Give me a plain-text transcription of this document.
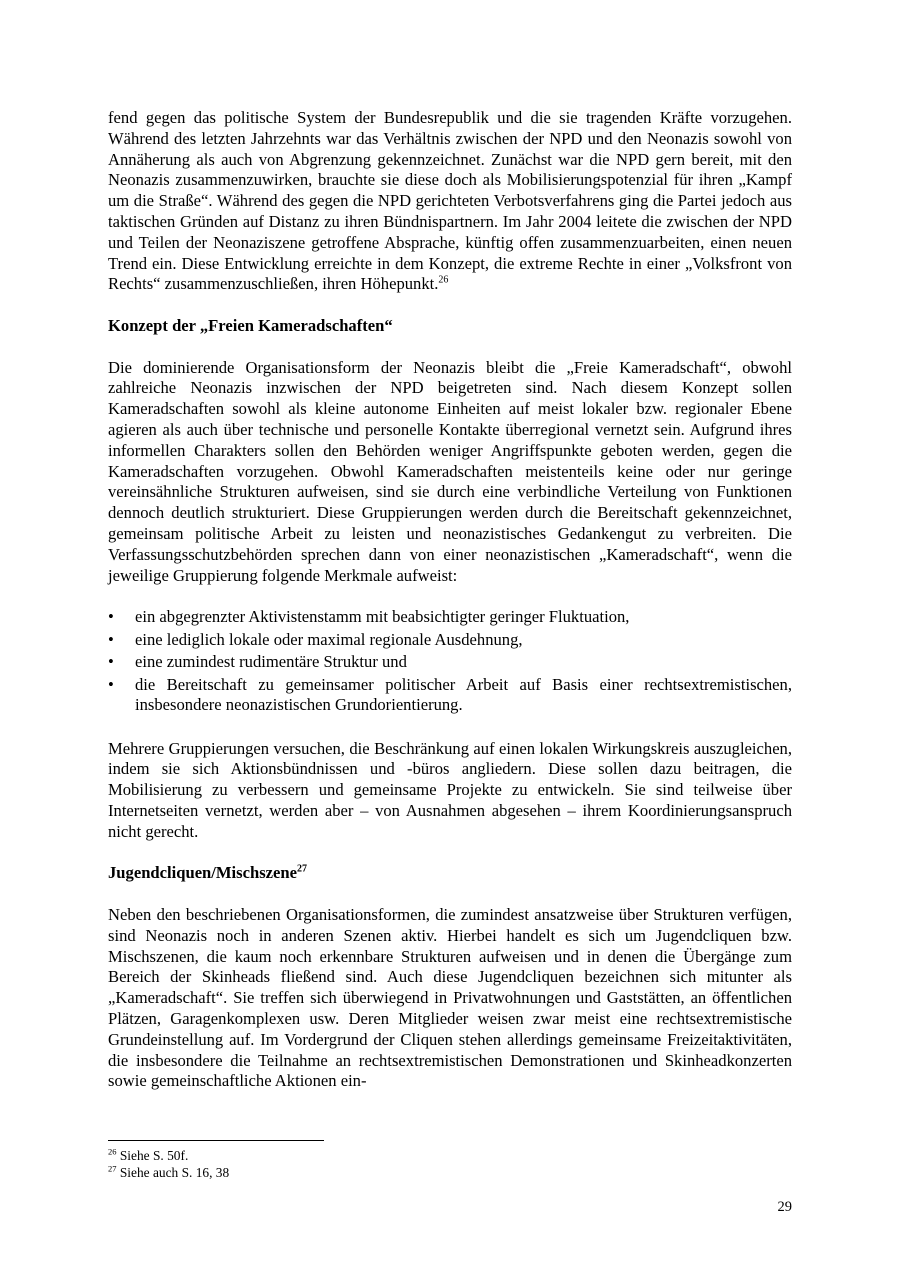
fend gegen das politische System der Bundesrepublik und die sie tragenden Kräfte vorzugehen. Während des letzten Jahrzehnts war das Verhältnis zwischen der NPD und den Neonazis sowohl von Annäherung als auch von Abgrenzung gekennzeichnet. Zunächst war die NPD gern bereit, mit den Neonazis zusammenzuwirken, brauchte sie diese doch als Mobilisierungspotenzial für ihren „Kampf um die Straße“. Während des gegen die NPD gerichteten Verbotsverfahrens ging die Partei jedoch aus taktischen Gründen auf Distanz zu ihren Bündnispartnern. Im Jahr 2004 leitete die zwischen der NPD und Teilen der Neonaziszene getroffene Absprache, künftig offen zusammenzuarbeiten, einen neuen Trend ein. Diese Entwicklung erreichte in dem Konzept, die extreme Rechte in einer „Volksfront von Rechts“ zusammenzuschließen, ihren Höhepunkt.$^{26}$

Konzept der „Freien Kameradschaften“

Die dominierende Organisationsform der Neonazis bleibt die „Freie Kameradschaft“, obwohl zahlreiche Neonazis inzwischen der NPD beigetreten sind. Nach diesem Konzept sollen Kameradschaften sowohl als kleine autonome Einheiten auf meist lokaler bzw. regionaler Ebene agieren als auch über technische und personelle Kontakte überregional vernetzt sein. Aufgrund ihres informellen Charakters sollen den Behörden weniger Angriffspunkte geboten werden, gegen die Kameradschaften vorzugehen. Obwohl Kameradschaften meistenteils keine oder nur geringe vereinsähnliche Strukturen aufweisen, sind sie durch eine verbindliche Verteilung von Funktionen dennoch deutlich strukturiert. Diese Gruppierungen werden durch die Bereitschaft gekennzeichnet, gemeinsam politische Arbeit zu leisten und neonazistisches Gedankengut zu verbreiten. Die Verfassungsschutzbehörden sprechen dann von einer neonazistischen „Kameradschaft“, wenn die jeweilige Gruppierung folgende Merkmale aufweist:

• ein abgegrenzter Aktivistenstamm mit beabsichtigter geringer Fluktuation,
• eine lediglich lokale oder maximal regionale Ausdehnung,
• eine zumindest rudimentäre Struktur und
• die Bereitschaft zu gemeinsamer politischer Arbeit auf Basis einer rechtsextremistischen, insbesondere neonazistischen Grundorientierung.

Mehrere Gruppierungen versuchen, die Beschränkung auf einen lokalen Wirkungskreis auszugleichen, indem sie sich Aktionsbündnissen und -büros angliedern. Diese sollen dazu beitragen, die Mobilisierung zu verbessern und gemeinsame Projekte zu entwickeln. Sie sind teilweise über Internetseiten vernetzt, werden aber – von Ausnahmen abgesehen – ihrem Koordinierungsanspruch nicht gerecht.

Jugendcliquen/Mischszene$^{27}$

Neben den beschriebenen Organisationsformen, die zumindest ansatzweise über Strukturen verfügen, sind Neonazis noch in anderen Szenen aktiv. Hierbei handelt es sich um Jugendcliquen bzw. Mischszenen, die kaum noch erkennbare Strukturen aufweisen und in denen die Übergänge zum Bereich der Skinheads fließend sind. Auch diese Jugendcliquen bezeichnen sich mitunter als „Kameradschaft“. Sie treffen sich überwiegend in Privatwohnungen und Gaststätten, an öffentlichen Plätzen, Garagenkomplexen usw. Deren Mitglieder weisen zwar meist eine rechtsextremistische Grundeinstellung auf. Im Vordergrund der Cliquen stehen allerdings gemeinsame Freizeitaktivitäten, die insbesondere die Teilnahme an rechtsextremistischen Demonstrationen und Skinheadkonzerten sowie gemeinschaftliche Aktionen ein-

$^{26}$ Siehe S. 50f.

$^{27}$ Siehe auch S. 16, 38

29
